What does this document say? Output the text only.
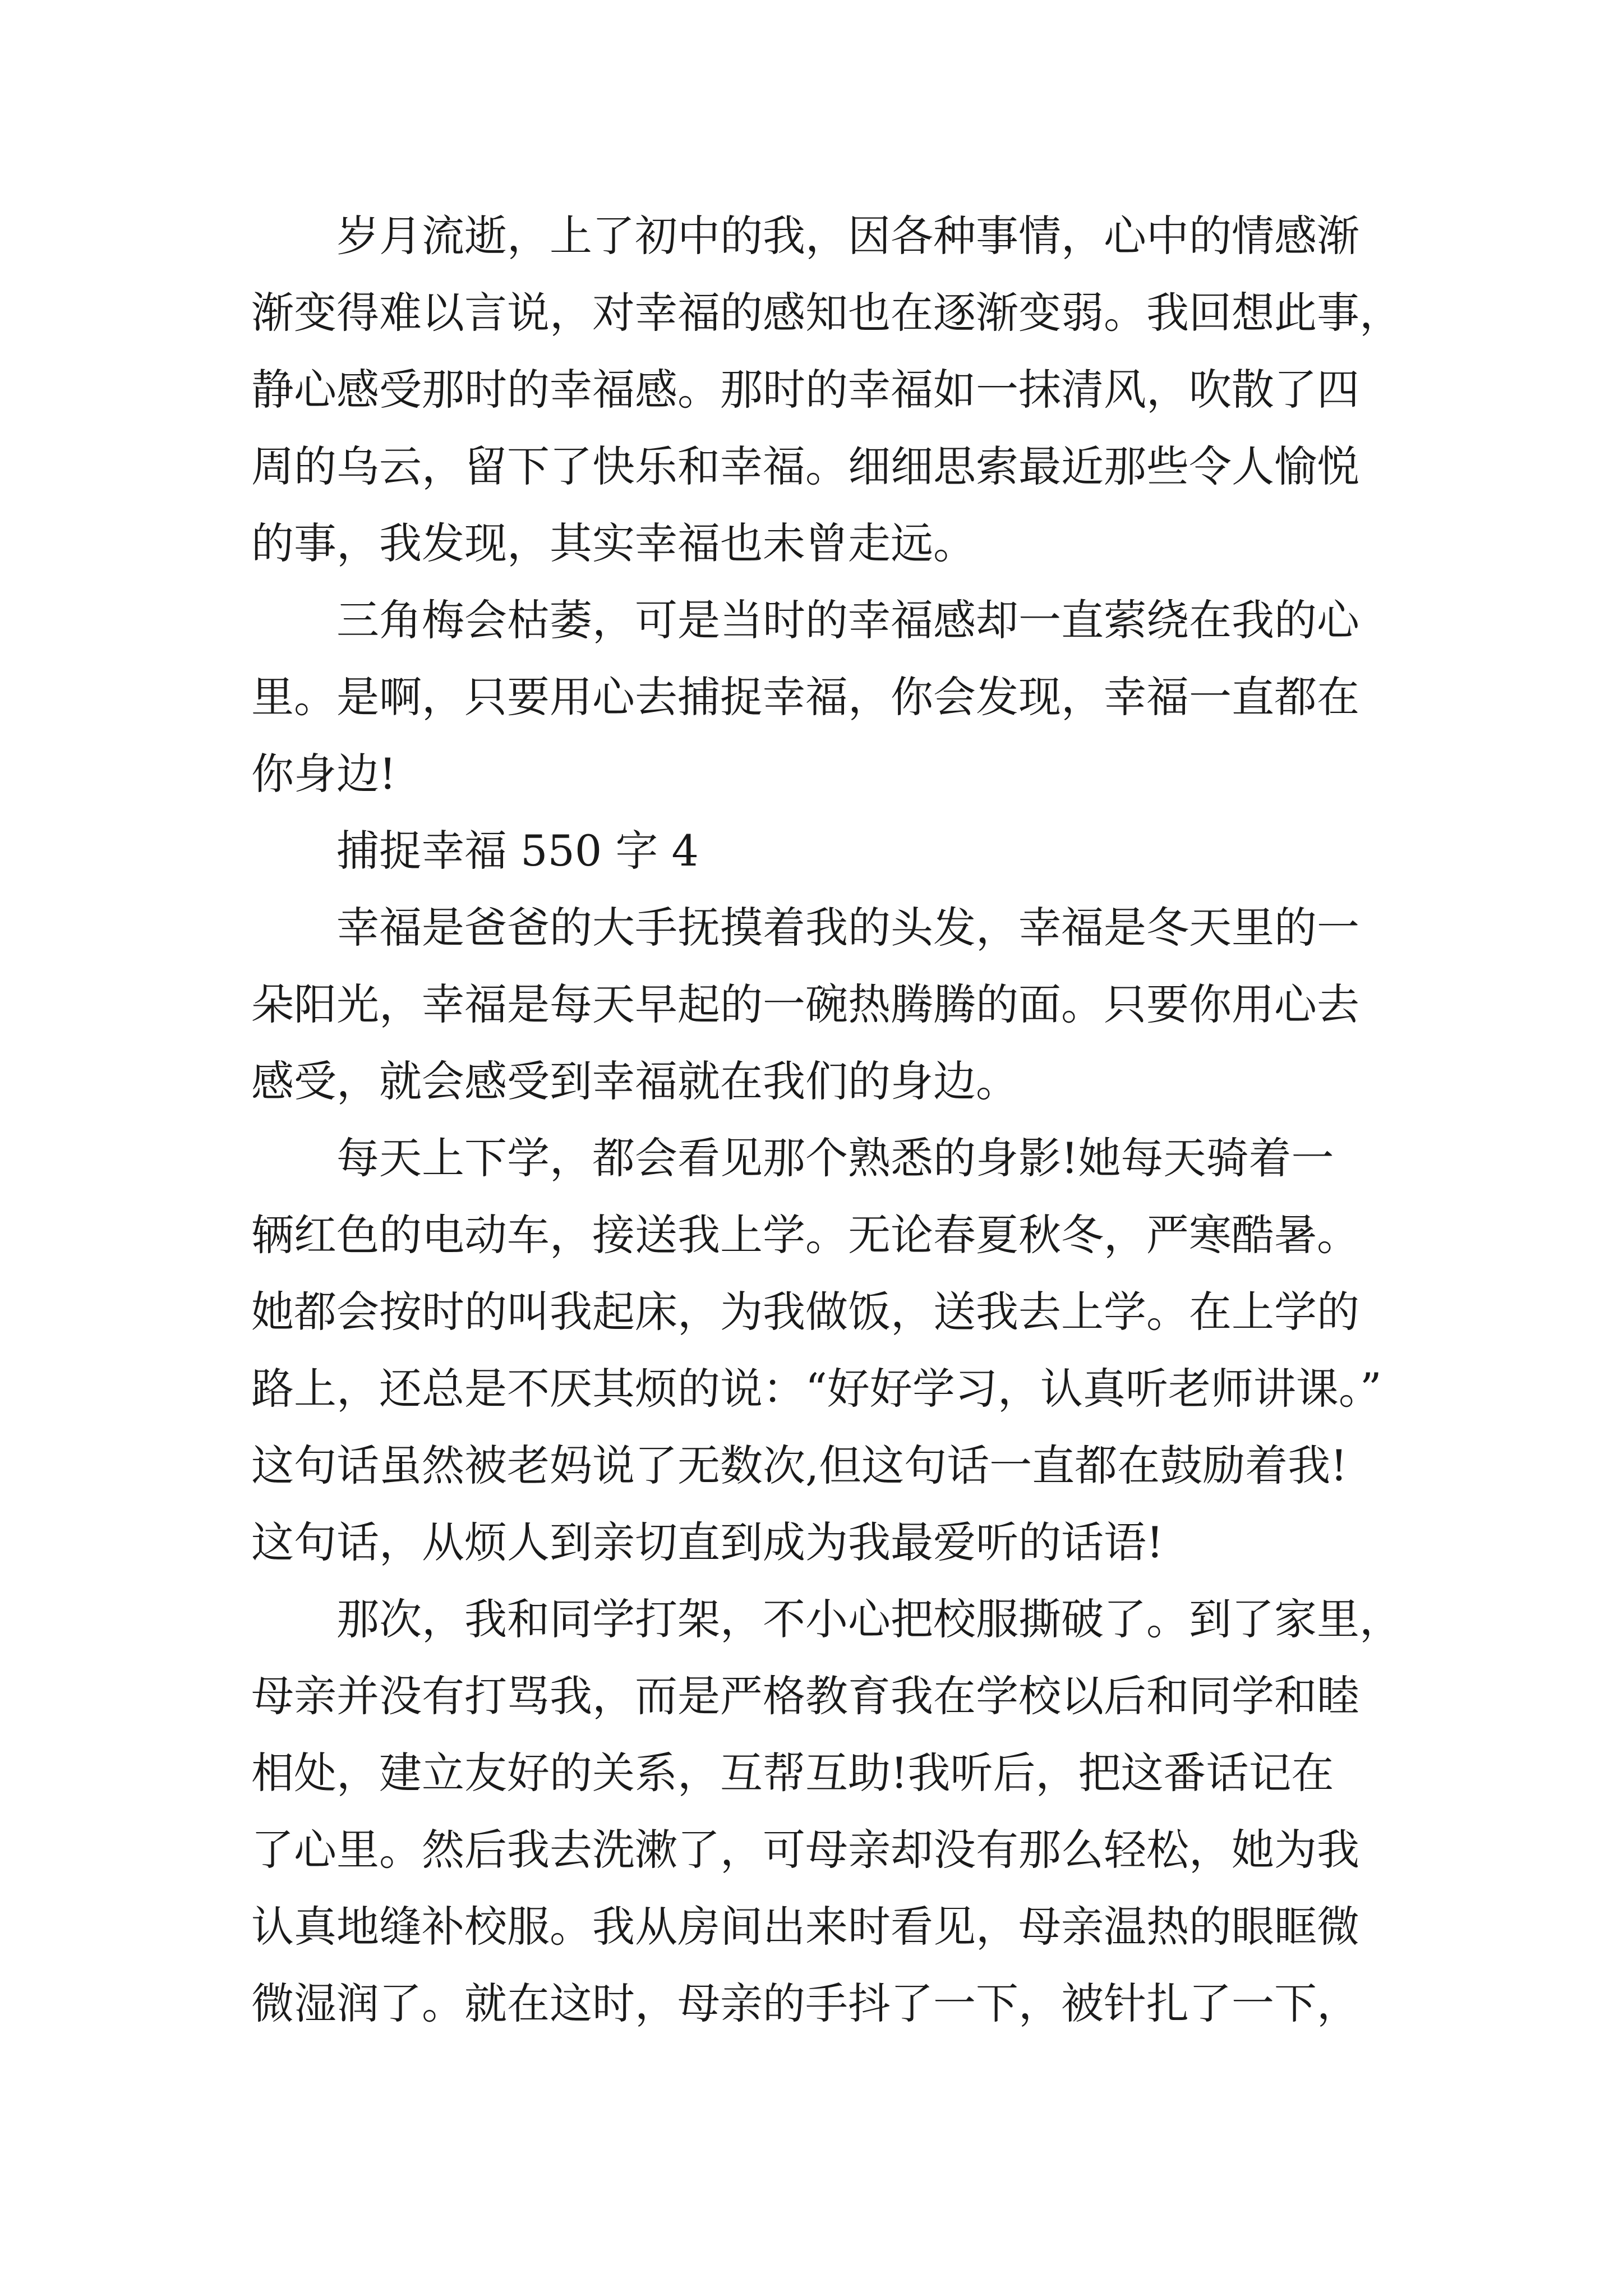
岁月流逝，上了初中的我，因各种事情，心中的情感渐
渐变得难以言说，对幸福的感知也在逐渐变弱。我回想此事，
静心感受那时的幸福感。那时的幸福如一抹清风，吹散了四
周的乌云，留下了快乐和幸福。细细思索最近那些令人愉悦
的事，我发现，其实幸福也未曾走远。

三角梅会枯萎，可是当时的幸福感却一直萦绕在我的心
里。是啊，只要用心去捕捉幸福，你会发现，幸福一直都在
你身边!

捕捉幸福 550 字 4

幸福是爸爸的大手抚摸着我的头发，幸福是冬天里的一
朵阳光，幸福是每天早起的一碗热腾腾的面。只要你用心去
感受，就会感受到幸福就在我们的身边。

每天上下学，都会看见那个熟悉的身影!她每天骑着一
辆红色的电动车，接送我上学。无论春夏秋冬，严寒酷暑。
她都会按时的叫我起床，为我做饭，送我去上学。在上学的
路上，还总是不厌其烦的说：“好好学习，认真听老师讲课。”
这句话虽然被老妈说了无数次,但这句话一直都在鼓励着我!
这句话，从烦人到亲切直到成为我最爱听的话语!

那次，我和同学打架，不小心把校服撕破了。到了家里，
母亲并没有打骂我，而是严格教育我在学校以后和同学和睦
相处，建立友好的关系，互帮互助!我听后，把这番话记在
了心里。然后我去洗漱了，可母亲却没有那么轻松，她为我
认真地缝补校服。我从房间出来时看见，母亲温热的眼眶微
微湿润了。就在这时，母亲的手抖了一下，被针扎了一下，
